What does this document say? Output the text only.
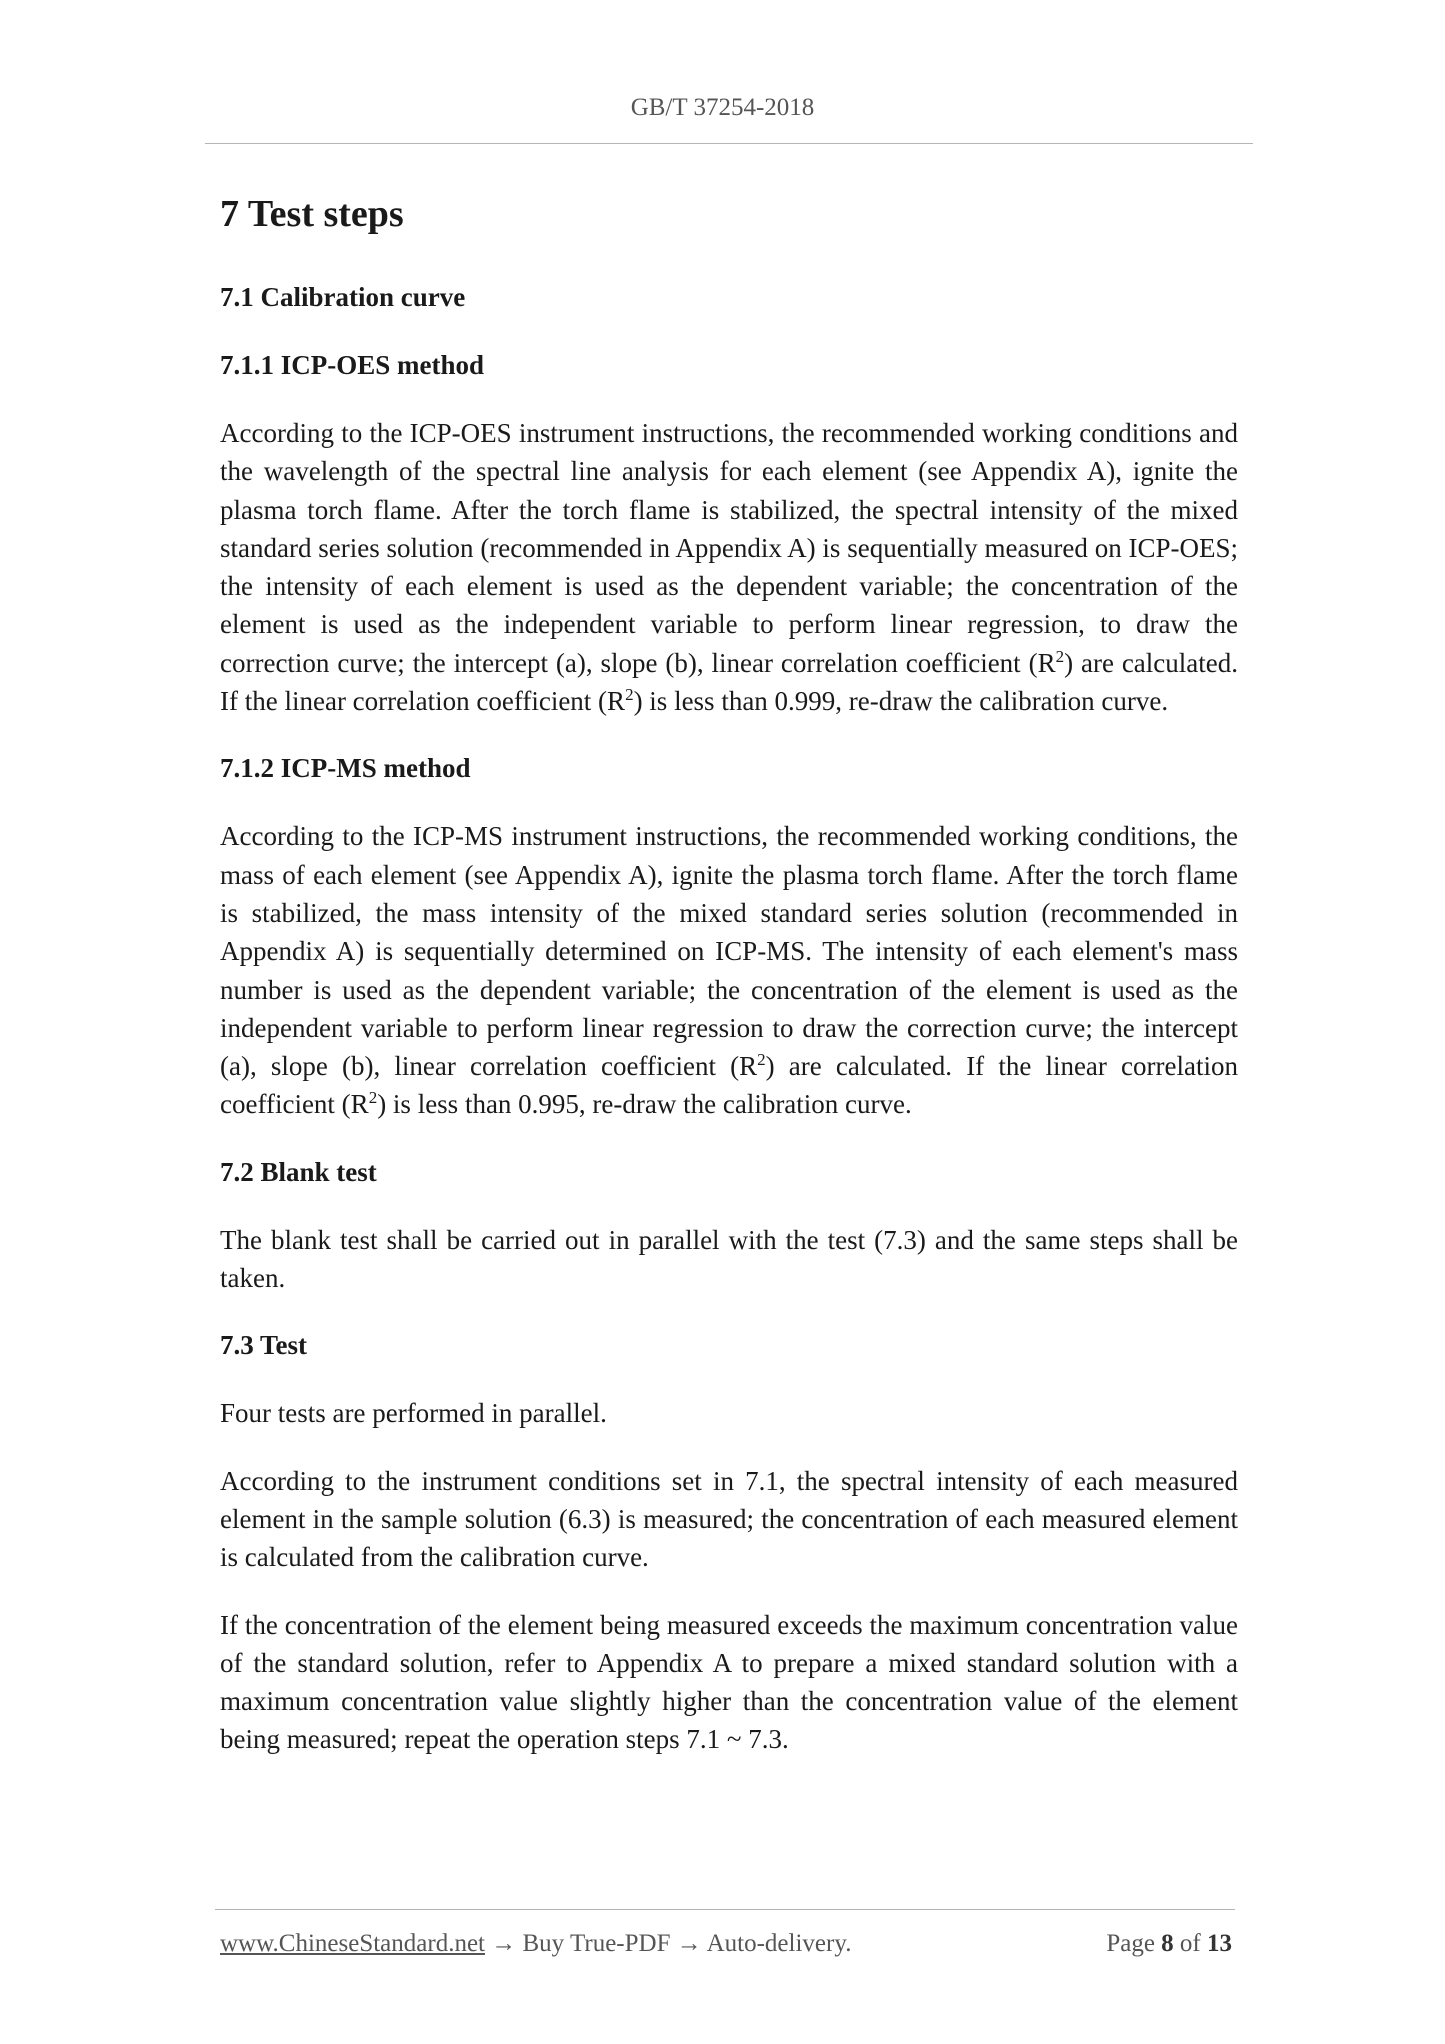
GB/T 37254-2018
7 Test steps
7.1 Calibration curve
7.1.1 ICP-OES method

According to the ICP-OES instrument instructions, the recommended working conditions and the wavelength of the spectral line analysis for each element (see Appendix A), ignite the plasma torch flame. After the torch flame is stabilized, the spectral intensity of the mixed standard series solution (recommended in Appendix A) is sequentially measured on ICP-OES; the intensity of each element is used as the dependent variable; the concentration of the element is used as the independent variable to perform linear regression, to draw the correction curve; the intercept (a), slope (b), linear correlation coefficient $(R^2)$ are calculated. If the linear correlation coefficient $(R^2)$ is less than 0.999, re-draw the calibration curve.

7.1.2 ICP-MS method

According to the ICP-MS instrument instructions, the recommended working conditions, the mass of each element (see Appendix A), ignite the plasma torch flame. After the torch flame is stabilized, the mass intensity of the mixed standard series solution (recommended in Appendix A) is sequentially determined on ICP-MS. The intensity of each element's mass number is used as the dependent variable; the concentration of the element is used as the independent variable to perform linear regression to draw the correction curve; the intercept (a), slope (b), linear correlation coefficient $(R^2)$ are calculated. If the linear correlation coefficient $(R^2)$ is less than 0.995, re-draw the calibration curve.

7.2 Blank test

The blank test shall be carried out in parallel with the test (7.3) and the same steps shall be taken.

7.3 Test

Four tests are performed in parallel.

According to the instrument conditions set in 7.1, the spectral intensity of each measured element in the sample solution (6.3) is measured; the concentration of each measured element is calculated from the calibration curve.

If the concentration of the element being measured exceeds the maximum concentration value of the standard solution, refer to Appendix A to prepare a mixed standard solution with a maximum concentration value slightly higher than the concentration value of the element being measured; repeat the operation steps 7.1 ~ 7.3.

www.ChineseStandard.net → Buy True-PDF → Auto-delivery.	Page 8 of 13
